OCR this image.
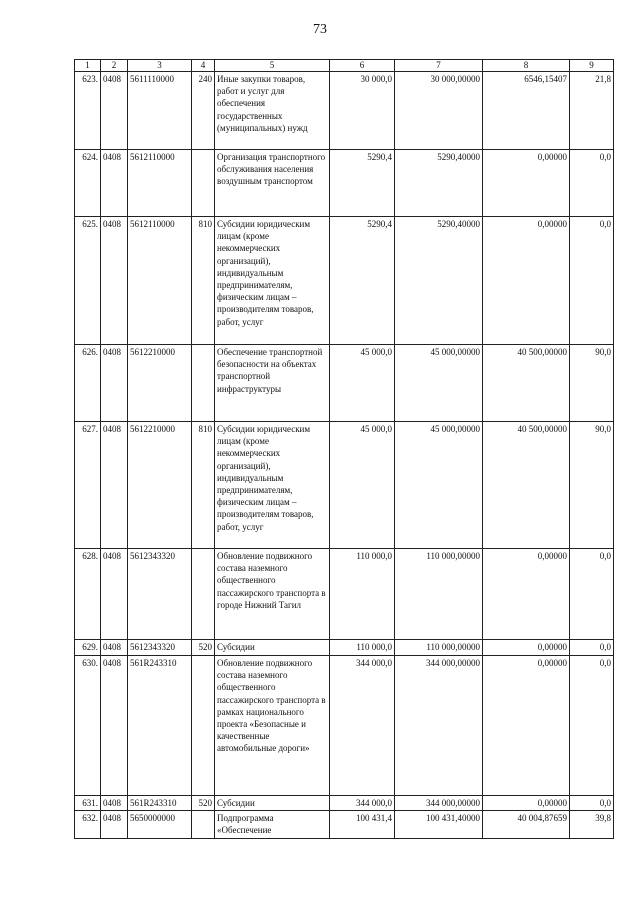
73
1	2	3	4	5	6	7	8	9
623.	0408	5611110000	240	Иные закупки товаров, работ и услуг для обеспечения государственных (муниципальных) нужд	30 000,0	30 000,00000	6546,15407	21,8
624.	0408	5612110000		Организация транспортного обслуживания населения воздушным транспортом	5290,4	5290,40000	0,00000	0,0
625.	0408	5612110000	810	Субсидии юридическим лицам (кроме некоммерческих организаций), индивидуальным предпринимателям, физическим лицам – производителям товаров, работ, услуг	5290,4	5290,40000	0,00000	0,0
626.	0408	5612210000		Обеспечение транспортной безопасности на объектах транспортной инфраструктуры	45 000,0	45 000,00000	40 500,00000	90,0
627.	0408	5612210000	810	Субсидии юридическим лицам (кроме некоммерческих организаций), индивидуальным предпринимателям, физическим лицам – производителям товаров, работ, услуг	45 000,0	45 000,00000	40 500,00000	90,0
628.	0408	5612343320		Обновление подвижного состава наземного общественного пассажирского транспорта в городе Нижний Тагил	110 000,0	110 000,00000	0,00000	0,0
629.	0408	5612343320	520	Субсидии	110 000,0	110 000,00000	0,00000	0,0
630.	0408	561R243310		Обновление подвижного состава наземного общественного пассажирского транспорта в рамках национального проекта «Безопасные и качественные автомобильные дороги»	344 000,0	344 000,00000	0,00000	0,0
631.	0408	561R243310	520	Субсидии	344 000,0	344 000,00000	0,00000	0,0
632.	0408	5650000000		Подпрограмма «Обеспечение	100 431,4	100 431,40000	40 004,87659	39,8
